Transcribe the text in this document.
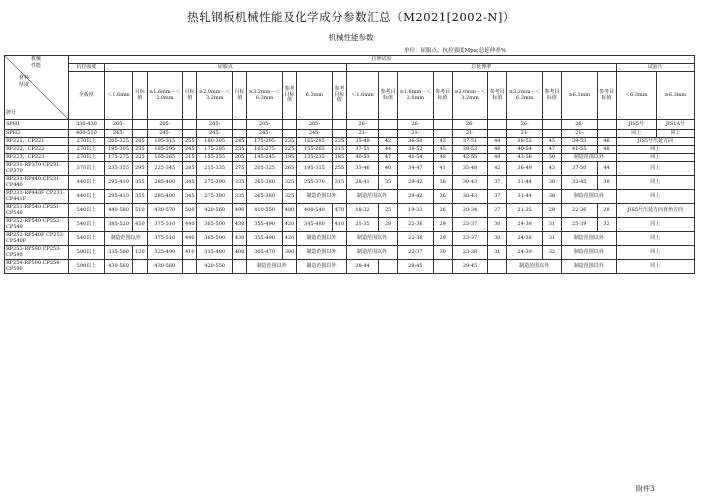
热轧钢板机械性能及化学成分参数汇总（M2021[2002-N]）
机械性能参数
单位：屈服点，抗拉强度Mpa;总延伸率%
机械
性能
材料
厚度
牌号	拉伸试验																						
	抗拉强度	屈服点										总延伸率										试验片	
	全板厚	＜1.6mm	目标值	≥1.6mm－＜2.0mm	目标值	≥2.0mm－＜3.2mm	目标值	≥3.2mm－＜6.3mm	参考目标值	6.3mm	参考目标值	＜1.6mm	参考目标值	≥1.6mm－＜2.0mm	参考目标值	≥2.0mm－＜3.2mm	参考目标值	≥3.2mm－＜6.3mm	参考目标值	≥6.3mm	参考目标值	＜6.3mm	≥6.3mm
SPH1	330-430	205-		205-		205-		205-		205-		26-		26-		26-		26-		26-		JIS5号	JIS1A号
SPH2	400-510	245-		245-		245-		245-		245-		21-		21-		21-		21-		21-		同上	同上
RP221，CP221	270以上	205-325	265	195-315	255	180-305	245	175-295	235	165-285	225	35-49	42	36-50	43	37-51	44	38-52	45	39-53	46	JIS5号压延方向	
RP222，CP222	270以上	195-305	255	185-295	245	175-285	235	165-275	225	155-265	215	37-51	44	38-52	45	39-53	46	40-54	47	41-55	48	同上	
RP223，CP223	270以上	175-275	225	165-265	215	155-255	205	145-245	195	135-235	185	40-53	47	41-54	48	42-55	49	43-56	50	制造范围以外		同上	
RP231-RP370 CP231-CP370	370以上	235-355	295	225-345	285	215-335	275	205-325	265	195-315	255	33-46	40	34-47	41	35-48	42	36-49	43	37-50	44	同上	
RP231-RP440 CP231-CP440	440以上	295-410	355	285-400	345	275-390	335	265-380	325	255-370	315	28-41	35	29-42	36	30-43	37	31-44	38	32-45	39	同上	
RP231-RP440F CP231-CP441F	440以上	295-410	355	285-400	345	275-390	335	265-380	325	制造范围以外		制造范围以外		29-42	36	30-43	37	31-44	38	制造范围以外		同上	
RP251-RP540 CP251-CP540	540以上	440-580	510	430-570	500	420-560	490	410-550	480	400-540	470	18-32	25	19-33	26	20-34	27	21-35	28	22-36	29	JIS5号压延方向直角方向	
RP252-RP540 CP252-CP540	540以上	385-520	450	375-510	440	365-500	430	355-490	420	345-480	410	21-35	28	22-36	29	23-37	30	24-38	31	25-39	32	同上	
RP252-RP540F CP252-CP540F	540以上	制造范围以外		375-510	440	365-500	430	355-490	420	制造范围以外		制造范围以外		22-36	29	23-37	30	24-38	31	制造范围以外		同上	
RP253-RP590 CP253-CP590	590以上	335-500	120	325-490	410	315-480	400	305-470	390	制造范围以外		制造范围以外		22-37	30	23-38	31	24-39	32	制造范围以外		同上	
RP254-RP590 CP254-CP590	590以上	430-560		430-560		420-550		制造范围以外		制造范围以外		28-44		29-45		29-45		制造范围以外		制造范围以外		同上	
附件3
